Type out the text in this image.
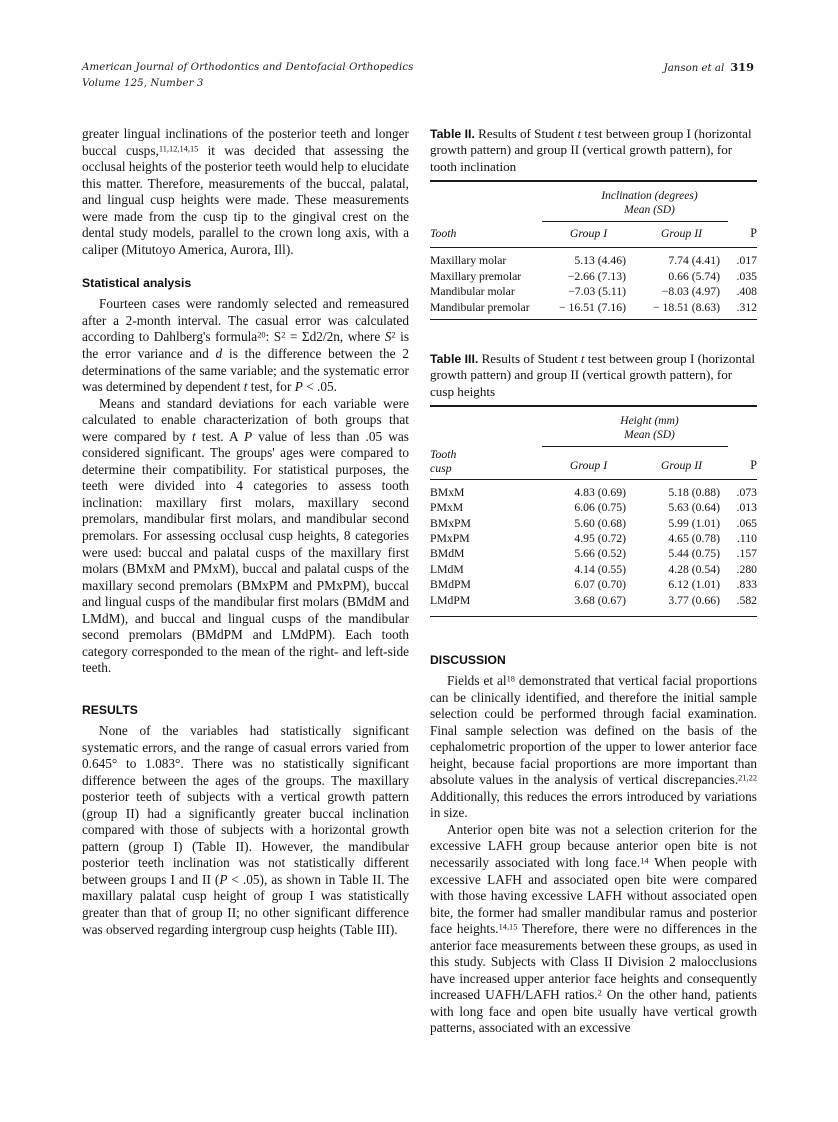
American Journal of Orthodontics and Dentofacial Orthopedics
Volume 125, Number 3
Janson et al 319

greater lingual inclinations of the posterior teeth and longer buccal cusps,$^{11,12,14,15}$ it was decided that assessing the occlusal heights of the posterior teeth would help to elucidate this matter. Therefore, measurements of the buccal, palatal, and lingual cusp heights were made. These measurements were made from the cusp tip to the gingival crest on the dental study models, parallel to the crown long axis, with a caliper (Mitutoyo America, Aurora, Ill).

Statistical analysis

Fourteen cases were randomly selected and remeasured after a 2-month interval. The casual error was calculated according to Dahlberg's formula$^{20}$: $S^2 = \Sigma d2/2n$, where $S^2$ is the error variance and d is the difference between the 2 determinations of the same variable; and the systematic error was determined by dependent t test, for P < .05.

Means and standard deviations for each variable were calculated to enable characterization of both groups that were compared by t test. A P value of less than .05 was considered significant. The groups' ages were compared to determine their compatibility. For statistical purposes, the teeth were divided into 4 categories to assess tooth inclination: maxillary first molars, maxillary second premolars, mandibular first molars, and mandibular second premolars. For assessing occlusal cusp heights, 8 categories were used: buccal and palatal cusps of the maxillary first molars (BMxM and PMxM), buccal and palatal cusps of the maxillary second premolars (BMxPM and PMxPM), buccal and lingual cusps of the mandibular first molars (BMdM and LMdM), and buccal and lingual cusps of the mandibular second premolars (BMdPM and LMdPM). Each tooth category corresponded to the mean of the right- and left-side teeth.

RESULTS

None of the variables had statistically significant systematic errors, and the range of casual errors varied from 0.645° to 1.083°. There was no statistically significant difference between the ages of the groups. The maxillary posterior teeth of subjects with a vertical growth pattern (group II) had a significantly greater buccal inclination compared with those of subjects with a horizontal growth pattern (group I) (Table II). However, the mandibular posterior teeth inclination was not statistically different between groups I and II (P < .05), as shown in Table II. The maxillary palatal cusp height of group I was statistically greater than that of group II; no other significant difference was observed regarding intergroup cusp heights (Table III).

Table II. Results of Student t test between group I (horizontal growth pattern) and group II (vertical growth pattern), for tooth inclination

	Inclination (degrees)
Mean (SD)		

Tooth	Group I	Group II	P

Maxillary molar	5.13 (4.46)	7.74 (4.41)	.017
Maxillary premolar	−2.66 (7.13)	0.66 (5.74)	.035
Mandibular molar	−7.03 (5.11)	−8.03 (4.97)	.408
Mandibular premolar	− 16.51 (7.16)	− 18.51 (8.63)	.312

Table III. Results of Student t test between group I (horizontal growth pattern) and group II (vertical growth pattern), for cusp heights

	Height (mm)
Mean (SD)		

Tooth
cusp			
	Group I	Group II	P

BMxM	4.83 (0.69)	5.18 (0.88)	.073
PMxM	6.06 (0.75)	5.63 (0.64)	.013
BMxPM	5.60 (0.68)	5.99 (1.01)	.065
PMxPM	4.95 (0.72)	4.65 (0.78)	.110
BMdM	5.66 (0.52)	5.44 (0.75)	.157
LMdM	4.14 (0.55)	4.28 (0.54)	.280
BMdPM	6.07 (0.70)	6.12 (1.01)	.833
LMdPM	3.68 (0.67)	3.77 (0.66)	.582

DISCUSSION

Fields et $al^{18}$ demonstrated that vertical facial proportions can be clinically identified, and therefore the initial sample selection could be performed through facial examination. Final sample selection was defined on the basis of the cephalometric proportion of the upper to lower anterior face height, because facial proportions are more important than absolute values in the analysis of vertical discrepancies.$^{21,22}$ Additionally, this reduces the errors introduced by variations in size.

Anterior open bite was not a selection criterion for the excessive LAFH group because anterior open bite is not necessarily associated with long face.$^{14}$ When people with excessive LAFH and associated open bite were compared with those having excessive LAFH without associated open bite, the former had smaller mandibular ramus and posterior face heights.$^{14,15}$ Therefore, there were no differences in the anterior face measurements between these groups, as used in this study. Subjects with Class II Division 2 malocclusions have increased upper anterior face heights and consequently increased UAFH/LAFH ratios.$^2$ On the other hand, patients with long face and open bite usually have vertical growth patterns, associated with an excessive
